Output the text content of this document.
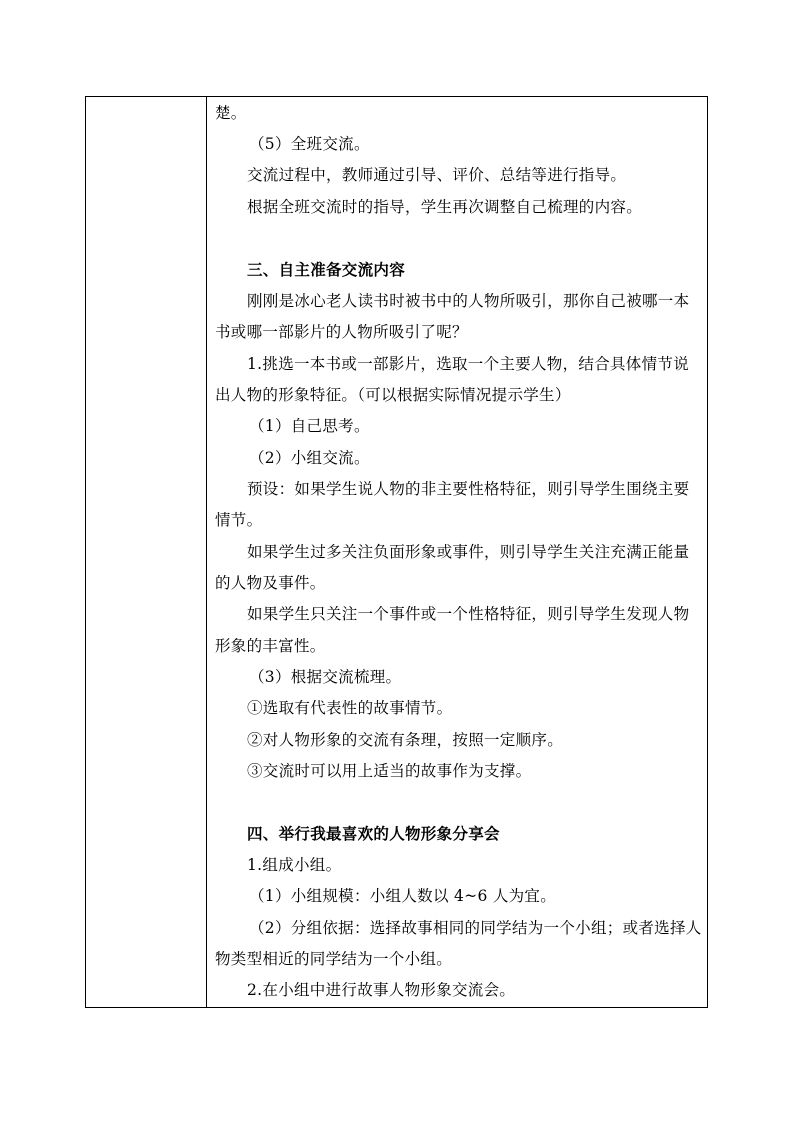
楚。
（5）全班交流。
交流过程中，教师通过引导、评价、总结等进行指导。
根据全班交流时的指导，学生再次调整自己梳理的内容。
三、自主准备交流内容
刚刚是冰心老人读书时被书中的人物所吸引，那你自己被哪一本
书或哪一部影片的人物所吸引了呢？
1.挑选一本书或一部影片，选取一个主要人物，结合具体情节说
出人物的形象特征。（可以根据实际情况提示学生）
（1）自己思考。
（2）小组交流。
预设：如果学生说人物的非主要性格特征，则引导学生围绕主要
情节。
如果学生过多关注负面形象或事件，则引导学生关注充满正能量
的人物及事件。
如果学生只关注一个事件或一个性格特征，则引导学生发现人物
形象的丰富性。
（3）根据交流梳理。
①选取有代表性的故事情节。
②对人物形象的交流有条理，按照一定顺序。
③交流时可以用上适当的故事作为支撑。
四、举行我最喜欢的人物形象分享会
1.组成小组。
（1）小组规模：小组人数以 4~6 人为宜。
（2）分组依据：选择故事相同的同学结为一个小组；或者选择人
物类型相近的同学结为一个小组。
2.在小组中进行故事人物形象交流会。
